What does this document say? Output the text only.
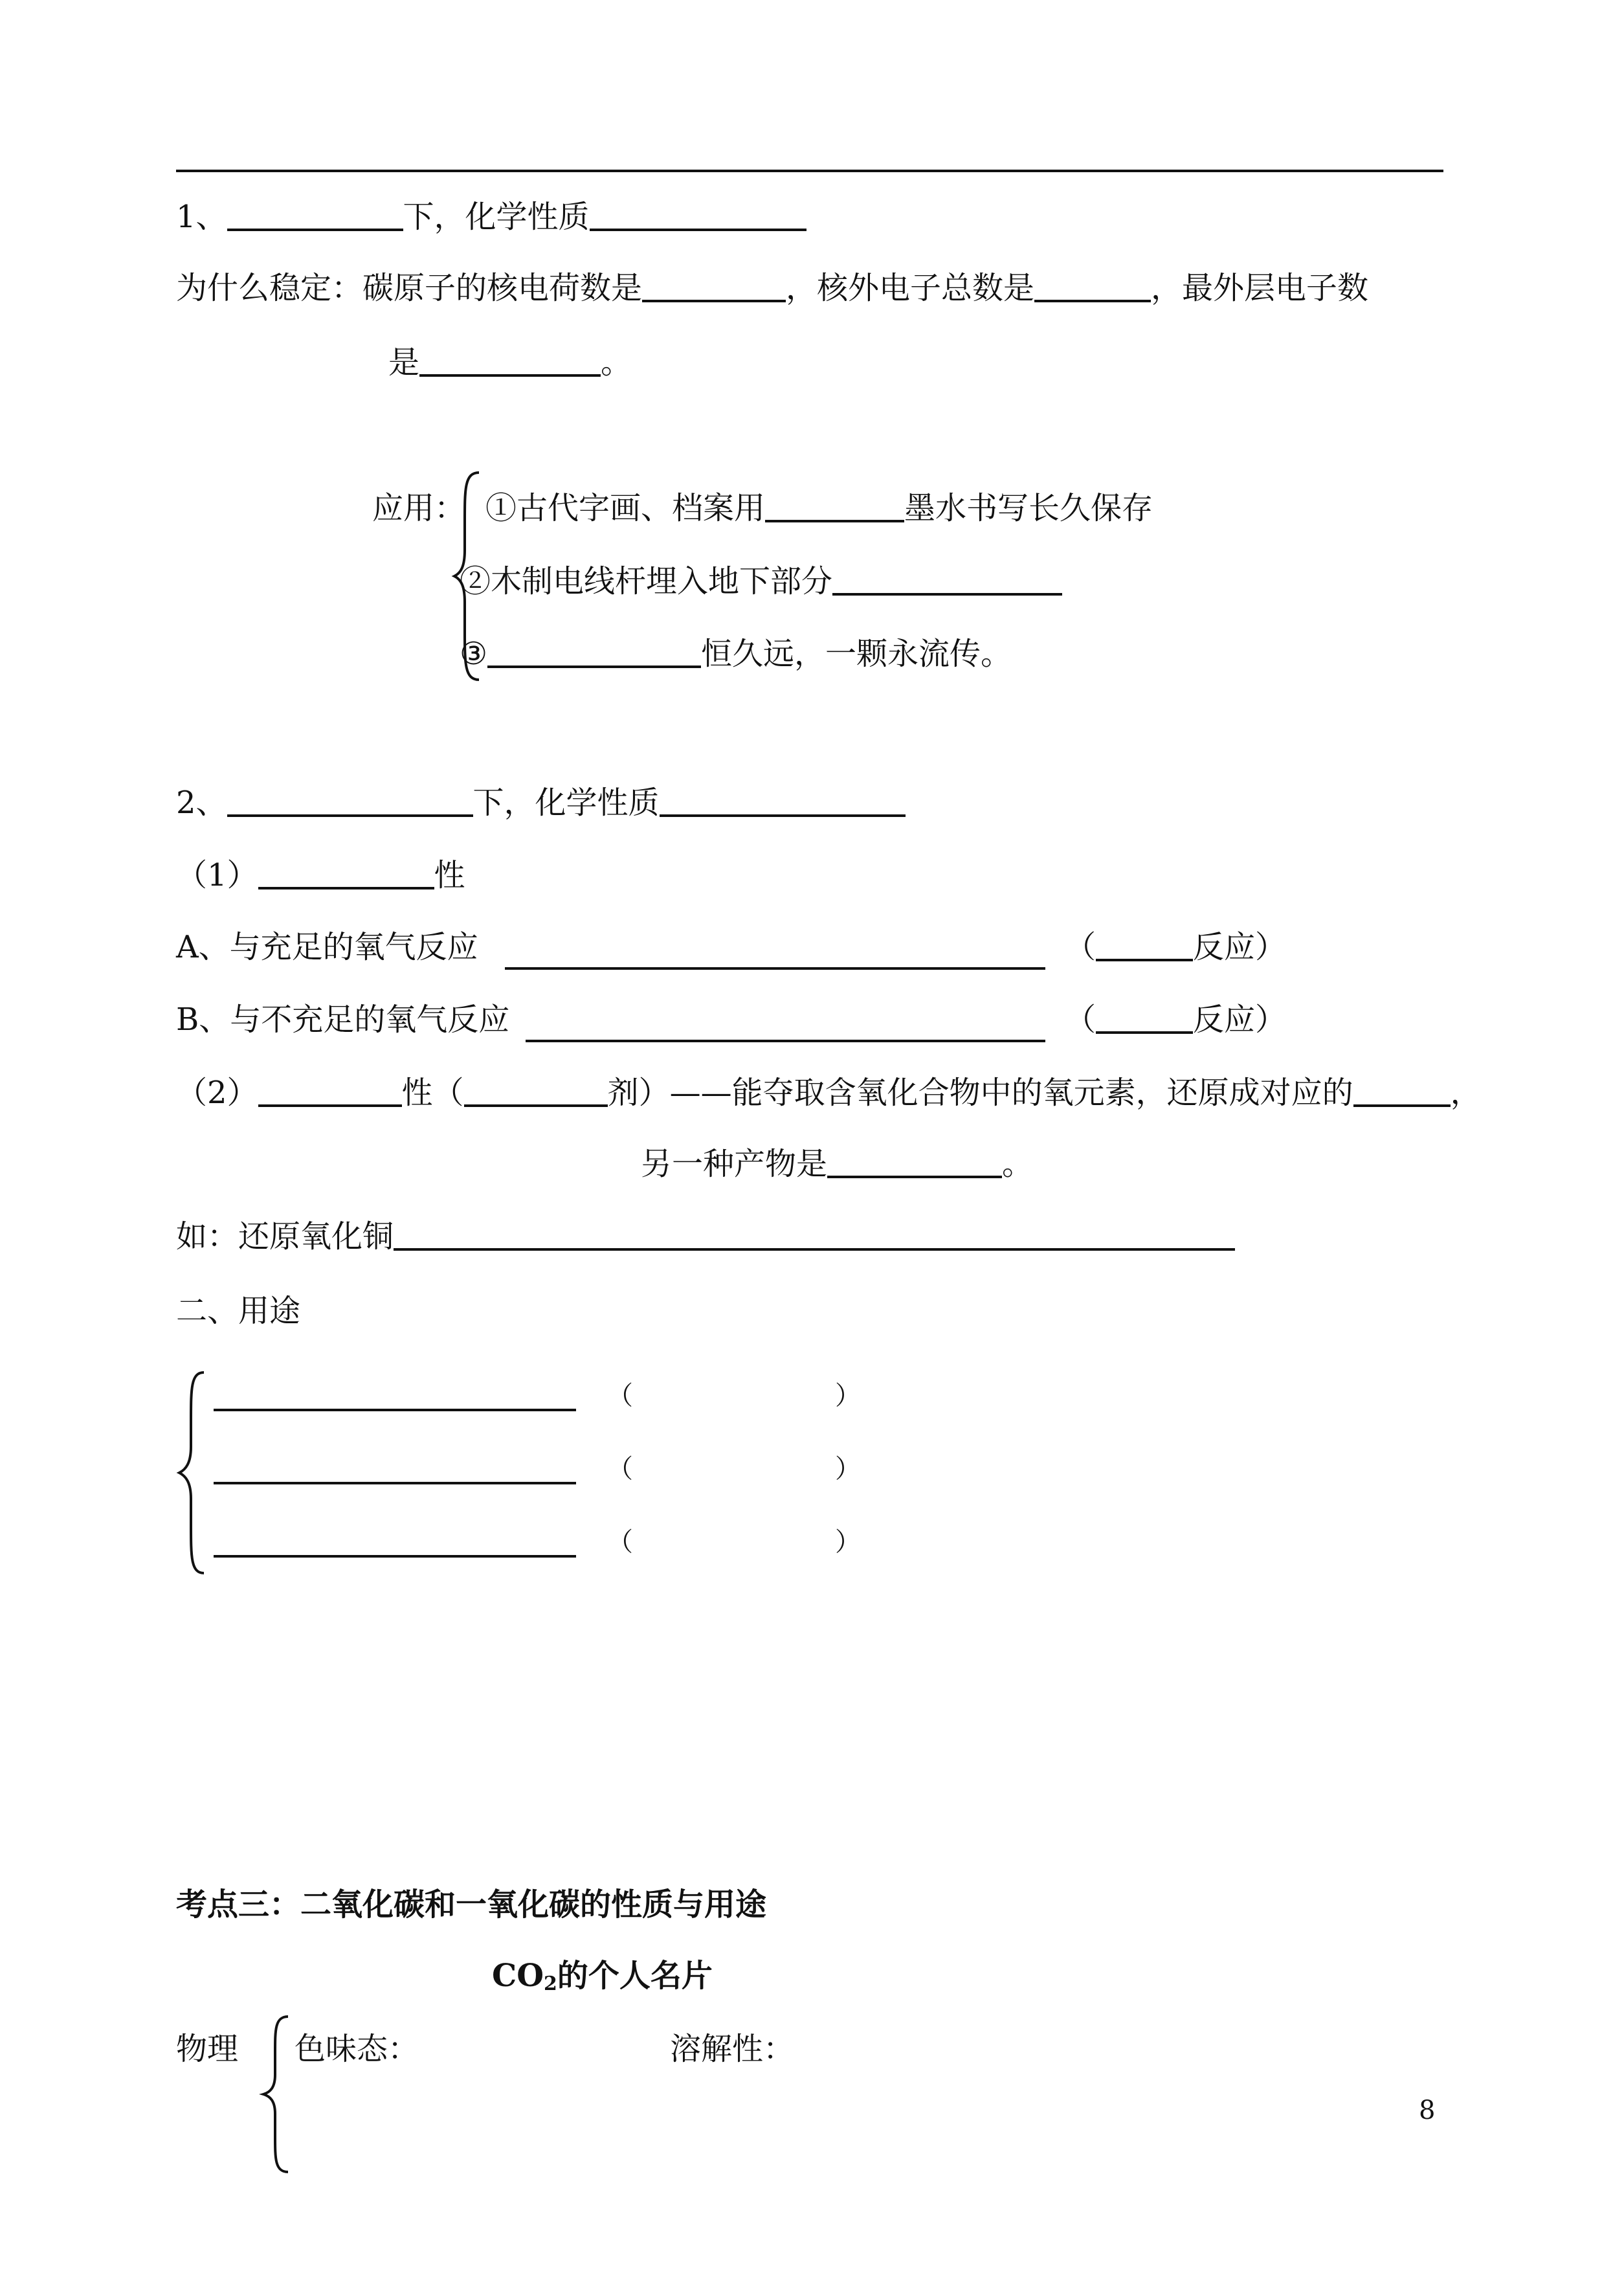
1、	下，化学性质
为什么稳定：碳原子的核电荷数是	，核外电子总数是	，最外层电子数
是	。
应用： ①古代字画、档案用	墨水书写长久保存
②木制电线杆埋入地下部分
③	恒久远，一颗永流传。
2、	下，化学性质
（1）	性
A、与充足的氧气反应	（	反应）
B、与不充足的氧气反应	（	反应）
（2）	性（	剂）——能夺取含氧化合物中的氧元素，还原成对应的	，
另一种产物是	。
如：还原氧化铜
二、用途
（	）
（	）
（	）
考点三：二氧化碳和一氧化碳的性质与用途
$CO_2$的个人名片
物理 色味态：	溶解性：
8
